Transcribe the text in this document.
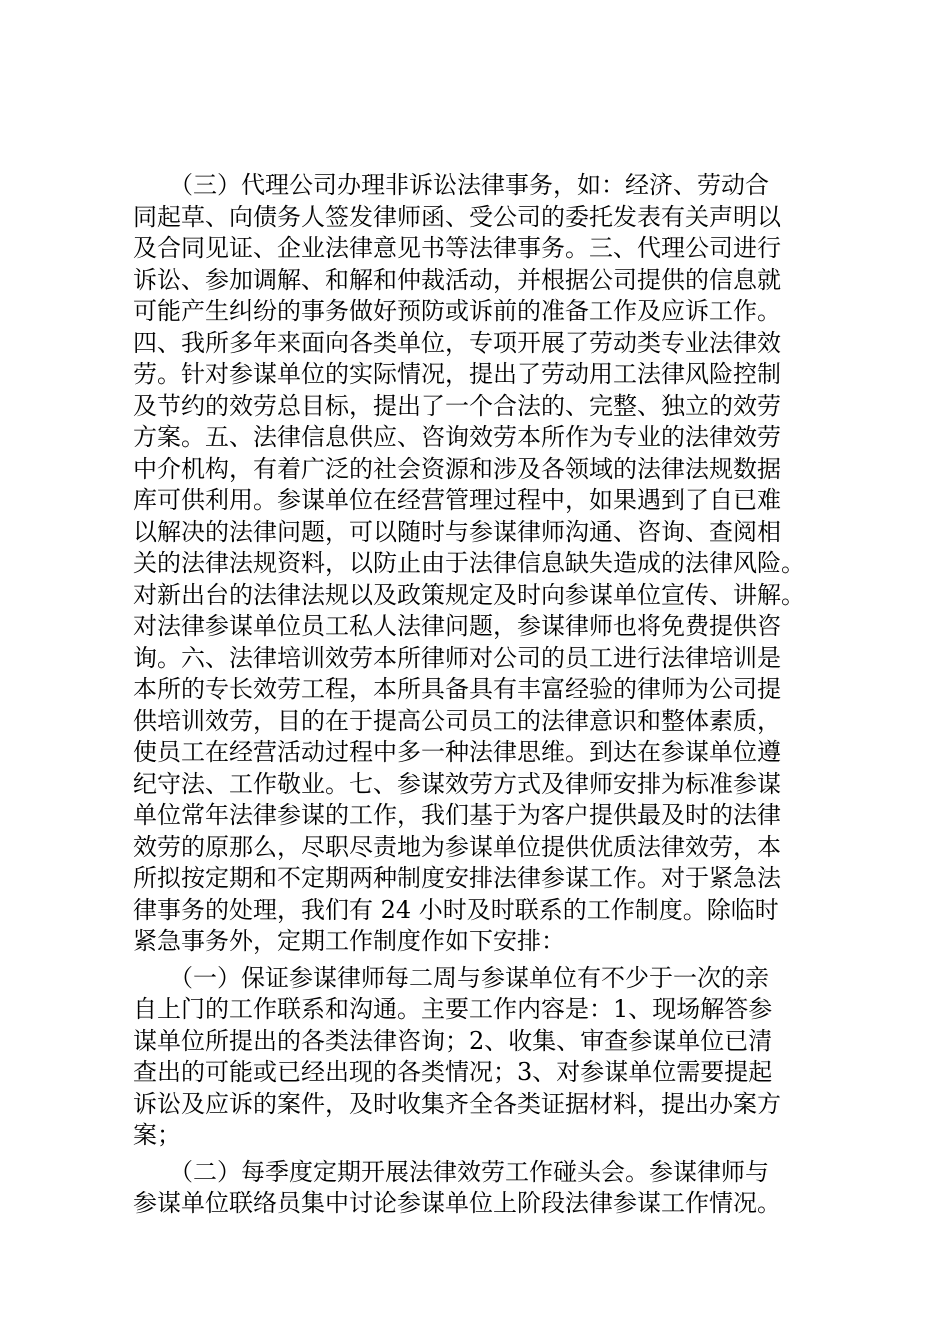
　　（三）代理公司办理非诉讼法律事务，如：经济、劳动合
同起草、向债务人签发律师函、受公司的委托发表有关声明以
及合同见证、企业法律意见书等法律事务。三、代理公司进行
诉讼、参加调解、和解和仲裁活动，并根据公司提供的信息就
可能产生纠纷的事务做好预防或诉前的准备工作及应诉工作。
四、我所多年来面向各类单位，专项开展了劳动类专业法律效
劳。针对参谋单位的实际情况，提出了劳动用工法律风险控制
及节约的效劳总目标，提出了一个合法的、完整、独立的效劳
方案。五、法律信息供应、咨询效劳本所作为专业的法律效劳
中介机构，有着广泛的社会资源和涉及各领域的法律法规数据
库可供利用。参谋单位在经营管理过程中，如果遇到了自已难
以解决的法律问题，可以随时与参谋律师沟通、咨询、查阅相
关的法律法规资料，以防止由于法律信息缺失造成的法律风险。
对新出台的法律法规以及政策规定及时向参谋单位宣传、讲解。
对法律参谋单位员工私人法律问题，参谋律师也将免费提供咨
询。六、法律培训效劳本所律师对公司的员工进行法律培训是
本所的专长效劳工程，本所具备具有丰富经验的律师为公司提
供培训效劳，目的在于提高公司员工的法律意识和整体素质，
使员工在经营活动过程中多一种法律思维。到达在参谋单位遵
纪守法、工作敬业。七、参谋效劳方式及律师安排为标准参谋
单位常年法律参谋的工作，我们基于为客户提供最及时的法律
效劳的原那么，尽职尽责地为参谋单位提供优质法律效劳，本
所拟按定期和不定期两种制度安排法律参谋工作。对于紧急法
律事务的处理，我们有 24 小时及时联系的工作制度。除临时
紧急事务外，定期工作制度作如下安排：
　　（一）保证参谋律师每二周与参谋单位有不少于一次的亲
自上门的工作联系和沟通。主要工作内容是：1、现场解答参
谋单位所提出的各类法律咨询；2、收集、审查参谋单位已清
查出的可能或已经出现的各类情况；3、对参谋单位需要提起
诉讼及应诉的案件，及时收集齐全各类证据材料，提出办案方
案；
　　（二）每季度定期开展法律效劳工作碰头会。参谋律师与
参谋单位联络员集中讨论参谋单位上阶段法律参谋工作情况。
